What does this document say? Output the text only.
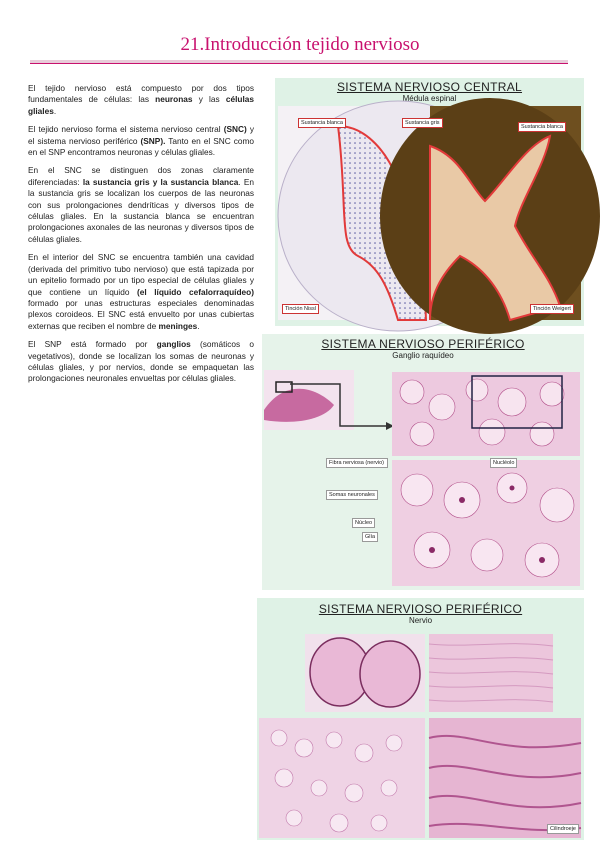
21.Introducción tejido nervioso

El tejido nervioso está compuesto por dos tipos fundamentales de células: las neuronas y las células gliales.

El tejido nervioso forma el sistema nervioso central (SNC) y el sistema nervioso periférico (SNP). Tanto en el SNC como en el SNP encontramos neuronas y células gliales.

En el SNC se distinguen dos zonas claramente diferenciadas: la sustancia gris y la sustancia blanca. En la sustancia gris se localizan los cuerpos de las neuronas con sus prolongaciones dendríticas y diversos tipos de células gliales. En la sustancia blanca se encuentran prolongaciones axonales de las neuronas y diversos tipos de células gliales.

En el interior del SNC se encuentra también una cavidad (derivada del primitivo tubo nervioso) que está tapizada por un epitelio formado por un tipo especial de células gliales y que contiene un líquido (el líquido cefalorraquídeo) formado por unas estructuras especiales denominadas plexos coroideos. El SNC está envuelto por unas cubiertas externas que reciben el nombre de meninges.

El SNP está formado por ganglios (somáticos o vegetativos), donde se localizan los somas de neuronas y células gliales, y por nervios, donde se empaquetan las prolongaciones neuronales envueltas por células gliales.

SISTEMA NERVIOSO CENTRAL
Médula espinal
Sustancia blanca
Tinción Nissl
Sustancia gris
Sustancia blanca
Tinción Weigert
SISTEMA NERVIOSO PERIFÉRICO
Ganglio raquídeo
Fibra nerviosa (nervio)
Somas neuronales
Núcleo
Glía
Nucléolo
SISTEMA NERVIOSO PERIFÉRICO
Nervio
Cilindroeje
